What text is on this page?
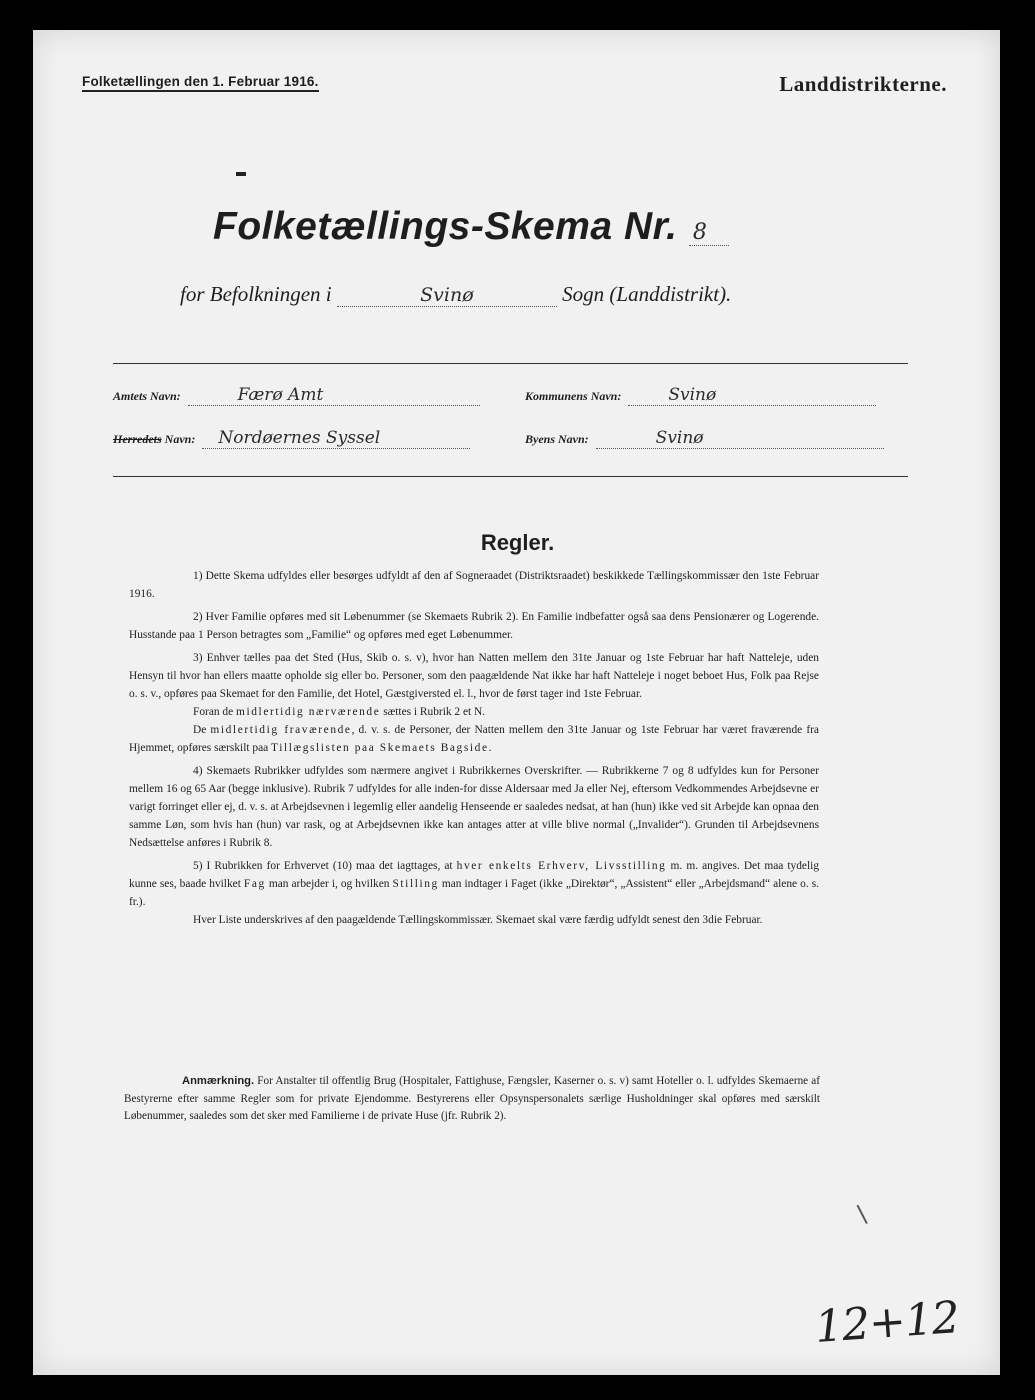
Folketællingen den 1. Februar 1916.	Landdistrikterne.
Folketællings-Skema Nr. 8
for Befolkningen i	Svinø	Sogn (Landdistrikt).
Amtets Navn:	Færø Amt	Kommunens Navn:	Svinø
Herredets Navn: Nordøernes Syssel	Byens Navn:	Svinø
Regler.

1) Dette Skema udfyldes eller besørges udfyldt af den af Sogneraadet (Distriktsraadet) beskikkede Tællingskommissær den 1ste Februar 1916.

2) Hver Familie opføres med sit Løbenummer (se Skemaets Rubrik 2). En Familie indbefatter også saa dens Pensionærer og Logerende. Husstande paa 1 Person betragtes som „Familie“ og opføres med eget Løbenummer.

3) Enhver tælles paa det Sted (Hus, Skib o. s. v), hvor han Natten mellem den 31te Januar og 1ste Februar har haft Natteleje, uden Hensyn til hvor han ellers maatte opholde sig eller bo. Personer, som den paagældende Nat ikke har haft Natteleje i noget beboet Hus, Folk paa Rejse o. s. v., opføres paa Skemaet for den Familie, det Hotel, Gæstgiversted el. l., hvor de først tager ind 1ste Februar.

Foran de midlertidig nærværende sættes i Rubrik 2 et N.

De midlertidig fraværende, d. v. s. de Personer, der Natten mellem den 31te Januar og 1ste Februar har været fraværende fra Hjemmet, opføres særskilt paa Tillægslisten paa Skemaets Bagside.

4) Skemaets Rubrikker udfyldes som nærmere angivet i Rubrikkernes Overskrifter. — Rubrikkerne 7 og 8 udfyldes kun for Personer mellem 16 og 65 Aar (begge inklusive). Rubrik 7 udfyldes for alle inden-for disse Aldersaar med Ja eller Nej, eftersom Vedkommendes Arbejdsevne er varigt forringet eller ej, d. v. s. at Arbejdsevnen i legemlig eller aandelig Henseende er saaledes nedsat, at han (hun) ikke ved sit Arbejde kan opnaa den samme Løn, som hvis han (hun) var rask, og at Arbejdsevnen ikke kan antages atter at ville blive normal („Invalider“). Grunden til Arbejdsevnens Nedsættelse anføres i Rubrik 8.

5) I Rubrikken for Erhvervet (10) maa det iagttages, at hver enkelts Erhverv, Livsstilling m. m. angives. Det maa tydelig kunne ses, baade hvilket Fag man arbejder i, og hvilken Stilling man indtager i Faget (ikke „Direktør“, „Assistent“ eller „Arbejdsmand“ alene o. s. fr.).

Hver Liste underskrives af den paagældende Tællingskommissær. Skemaet skal være færdig udfyldt senest den 3die Februar.

Anmærkning. For Anstalter til offentlig Brug (Hospitaler, Fattighuse, Fængsler, Kaserner o. s. v) samt Hoteller o. l. udfyldes Skemaerne af Bestyrerne efter samme Regler som for private Ejendomme. Bestyrerens eller Opsynspersonalets særlige Husholdninger skal opføres med særskilt Løbenummer, saaledes som det sker med Familierne i de private Huse (jfr. Rubrik 2).

\
12+12
